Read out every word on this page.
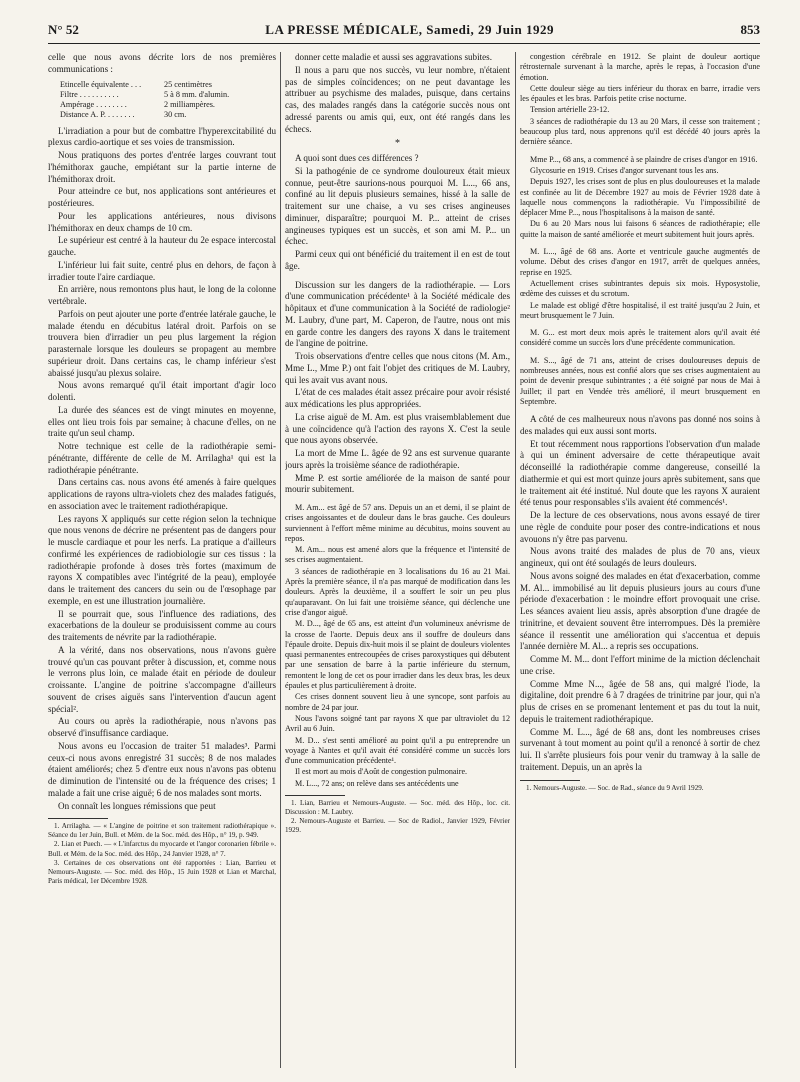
N° 52	LA PRESSE MÉDICALE, Samedi, 29 Juin 1929	853

celle que nous avons décrite lors de nos premières communications :

Etincelle équivalente . . .	25 centimètres
Filtre . . . . . . . . . .	5 à 8 mm. d'alumin.
Ampérage . . . . . . . .	2 milliampères.
Distance A. P. . . . . . . .	30 cm.

L'irradiation a pour but de combattre l'hyperexcitabilité du plexus cardio-aortique et ses voies de transmission.

Nous pratiquons des portes d'entrée larges couvrant tout l'hémithorax gauche, empiétant sur la partie interne de l'hémithorax droit.

Pour atteindre ce but, nos applications sont antérieures et postérieures.

Pour les applications antérieures, nous divisons l'hémithorax en deux champs de 10 cm.

Le supérieur est centré à la hauteur du 2e espace intercostal gauche.

L'inférieur lui fait suite, centré plus en dehors, de façon à irradier toute l'aire cardiaque.

En arrière, nous remontons plus haut, le long de la colonne vertébrale.

Parfois on peut ajouter une porte d'entrée latérale gauche, le malade étendu en décubitus latéral droit. Parfois on se trouvera bien d'irradier un peu plus largement la région parasternale lorsque les douleurs se propagent au membre supérieur droit. Dans certains cas, le champ inférieur s'est abaissé jusqu'au plexus solaire.

Nous avons remarqué qu'il était important d'agir loco dolenti.

La durée des séances est de vingt minutes en moyenne, elles ont lieu trois fois par semaine; à chacune d'elles, on ne traite qu'un seul champ.

Notre technique est celle de la radiothérapie semi-pénétrante, différente de celle de M. Arrilagha¹ qui est la radiothérapie pénétrante.

Dans certains cas. nous avons été amenés à faire quelques applications de rayons ultra-violets chez des malades fatigués, en association avec le traitement radiothérapique.

Les rayons X appliqués sur cette région selon la technique que nous venons de décrire ne présentent pas de dangers pour le muscle cardiaque et pour les nerfs. La pratique a d'ailleurs confirmé les expériences de radiobiologie sur ces tissus : la radiothérapie profonde à doses très fortes (maximum de rayons X compatibles avec l'intégrité de la peau), employée dans le traitement des cancers du sein ou de l'œsophage par exemple, en est une illustration journalière.

Il se pourrait que, sous l'influence des radiations, des exacerbations de la douleur se produisissent comme au cours des traitements de névrite par la radiothérapie.

A la vérité, dans nos observations, nous n'avons guère trouvé qu'un cas pouvant prêter à discussion, et, comme nous le verrons plus loin, ce malade était en période de douleur croissante. L'angine de poitrine s'accompagne d'ailleurs souvent de crises aiguës sans l'intervention d'aucun agent spécial².

Au cours ou après la radiothérapie, nous n'avons pas observé d'insuffisance cardiaque.

Nous avons eu l'occasion de traiter 51 malades³. Parmi ceux-ci nous avons enregistré 31 succès; 8 de nos malades étaient améliorés; chez 5 d'entre eux nous n'avons pas obtenu de diminution de l'intensité ou de la fréquence des crises; 1 malade a fait une crise aiguë; 6 de nos malades sont morts.

On connaît les longues rémissions que peut

1. Arrilagha. — « L'angine de poitrine et son traitement radiothérapique ». Séance du 1er Juin, Bull. et Mém. de la Soc. méd. des Hôp., n° 19, p. 949.

2. Lian et Puech. — « L'infarctus du myocarde et l'angor coronarien fébrile ». Bull. et Mém. de la Soc. méd. des Hôp., 24 Janvier 1928, n° 7.

3. Certaines de ces observations ont été rapportées : Lian, Barrieu et Nemours-Auguste. — Soc. méd. des Hôp., 15 Juin 1928 et Lian et Marchal, Paris médical, 1er Décembre 1928.

donner cette maladie et aussi ses aggravations subites.

Il nous a paru que nos succès, vu leur nombre, n'étaient pas de simples coïncidences; on ne peut davantage les attribuer au psychisme des malades, puisque, dans certains cas, des malades rangés dans la catégorie succès nous ont adressé parents ou amis qui, eux, ont été rangés dans les échecs.

*

A quoi sont dues ces différences ?

Si la pathogénie de ce syndrome douloureux était mieux connue, peut-être saurions-nous pourquoi M. L..., 66 ans, confiné au lit depuis plusieurs semaines, hissé à la salle de traitement sur une chaise, a vu ses crises angineuses diminuer, disparaître; pourquoi M. P... atteint de crises angineuses typiques est un succès, et son ami M. P... un échec.

Parmi ceux qui ont bénéficié du traitement il en est de tout âge.

Discussion sur les dangers de la radiothérapie. — Lors d'une communication précédente¹ à la Société médicale des hôpitaux et d'une communication à la Société de radiologie² M. Laubry, d'une part, M. Caperon, de l'autre, nous ont mis en garde contre les dangers des rayons X dans le traitement de l'angine de poitrine.

Trois observations d'entre celles que nous citons (M. Am., Mme L., Mme P.) ont fait l'objet des critiques de M. Laubry, qui les avait vus avant nous.

L'état de ces malades était assez précaire pour avoir résisté aux médications les plus appropriées.

La crise aiguë de M. Am. est plus vraisemblablement due à une coïncidence qu'à l'action des rayons X. C'est la seule que nous ayons observée.

La mort de Mme L. âgée de 92 ans est survenue quarante jours après la troisième séance de radiothérapie.

Mme P. est sortie améliorée de la maison de santé pour mourir subitement.

M. Am... est âgé de 57 ans. Depuis un an et demi, il se plaint de crises angoissantes et de douleur dans le bras gauche. Ces douleurs surviennent à l'effort même minime au décubitus, moins souvent au repos.

M. Am... nous est amené alors que la fréquence et l'intensité de ses crises augmentaient.

3 séances de radiothérapie en 3 localisations du 16 au 21 Mai. Après la première séance, il n'a pas marqué de modification dans les douleurs. Après la deuxième, il a souffert le soir un peu plus qu'auparavant. On lui fait une troisième séance, qui déclenche une crise d'angor aiguë.

M. D..., âgé de 65 ans, est atteint d'un volumineux anévrisme de la crosse de l'aorte. Depuis deux ans il souffre de douleurs dans l'épaule droite. Depuis dix-huit mois il se plaint de douleurs violentes quasi permanentes entrecoupées de crises paroxystiques qui débutent par une sensation de barre à la partie inférieure du sternum, remontent le long de cet os pour irradier dans les deux bras, les deux épaules et plus particulièrement à droite.

Ces crises donnent souvent lieu à une syncope, sont parfois au nombre de 24 par jour.

Nous l'avons soigné tant par rayons X que par ultraviolet du 12 Avril au 6 Juin.

M. D... s'est senti amélioré au point qu'il a pu entreprendre un voyage à Nantes et qu'il avait été considéré comme un succès lors d'une communication précédente¹.

Il est mort au mois d'Août de congestion pulmonaire.

M. L..., 72 ans; on relève dans ses antécédents une

1. Lian, Barrieu et Nemours-Auguste. — Soc. méd. des Hôp., loc. cit. Discussion : M. Laubry.

2. Nemours-Auguste et Barrieu. — Soc de Radiol., Janvier 1929, Février 1929.

congestion cérébrale en 1912. Se plaint de douleur aortique rétrosternale survenant à la marche, après le repas, à l'occasion d'une émotion.

Cette douleur siège au tiers inférieur du thorax en barre, irradie vers les épaules et les bras. Parfois petite crise nocturne.

Tension artérielle 23-12.

3 séances de radiothérapie du 13 au 20 Mars, il cesse son traitement ; beaucoup plus tard, nous apprenons qu'il est décédé 40 jours après la dernière séance.

Mme P..., 68 ans, a commencé à se plaindre de crises d'angor en 1916.

Glycosurie en 1919. Crises d'angor survenant tous les ans.

Depuis 1927, les crises sont de plus en plus douloureuses et la malade est confinée au lit de Décembre 1927 au mois de Février 1928 date à laquelle nous commençons la radiothérapie. Vu l'impossibilité de déplacer Mme P..., nous l'hospitalisons à la maison de santé.

Du 6 au 20 Mars nous lui faisons 6 séances de radiothérapie; elle quitte la maison de santé améliorée et meurt subitement huit jours après.

M. L..., âgé de 68 ans. Aorte et ventricule gauche augmentés de volume. Début des crises d'angor en 1917, arrêt de quelques années, reprise en 1925.

Actuellement crises subintrantes depuis six mois. Hyposystolie, œdème des cuisses et du scrotum.

Le malade est obligé d'être hospitalisé, il est traité jusqu'au 2 Juin, et meurt brusquement le 7 Juin.

M. G... est mort deux mois après le traitement alors qu'il avait été considéré comme un succès lors d'une précédente communication.

M. S..., âgé de 71 ans, atteint de crises douloureuses depuis de nombreuses années, nous est confié alors que ses crises augmentaient au point de devenir presque subintrantes ; a été soigné par nous de Mai à Juillet; il part en Vendée très amélioré, il meurt brusquement en Septembre.

A côté de ces malheureux nous n'avons pas donné nos soins à des malades qui eux aussi sont morts.

Et tout récemment nous rapportions l'observation d'un malade à qui un éminent adversaire de cette thérapeutique avait déconseillé la radiothérapie comme dangereuse, conseillé la diathermie et qui est mort quinze jours après subitement, sans que le traitement ait été institué. Nul doute que les rayons X auraient été tenus pour responsables s'ils avaient été commencés¹.

De la lecture de ces observations, nous avons essayé de tirer une règle de conduite pour poser des contre-indications et nous avouons n'y être pas parvenu.

Nous avons traité des malades de plus de 70 ans, vieux angineux, qui ont été soulagés de leurs douleurs.

Nous avons soigné des malades en état d'exacerbation, comme M. Al... immobilisé au lit depuis plusieurs jours au cours d'une période d'exacerbation : le moindre effort provoquait une crise. Les séances avaient lieu assis, après absorption d'une dragée de trinitrine, et devaient souvent être interrompues. Dès la première séance il ressentit une amélioration qui s'accentua et depuis l'année dernière M. Al... a repris ses occupations.

Comme M. M... dont l'effort minime de la miction déclenchait une crise.

Comme Mme N..., âgée de 58 ans, qui malgré l'iode, la digitaline, doit prendre 6 à 7 dragées de trinitrine par jour, qui n'a plus de crises en se promenant lentement et pas du tout la nuit, depuis le traitement radiothérapique.

Comme M. L..., âgé de 68 ans, dont les nombreuses crises survenant à tout moment au point qu'il a renoncé à sortir de chez lui. Il s'arrête plusieurs fois pour venir du tramway à la salle de traitement. Depuis, un an après la

1. Nemours-Auguste. — Soc. de Rad., séance du 9 Avril 1929.
